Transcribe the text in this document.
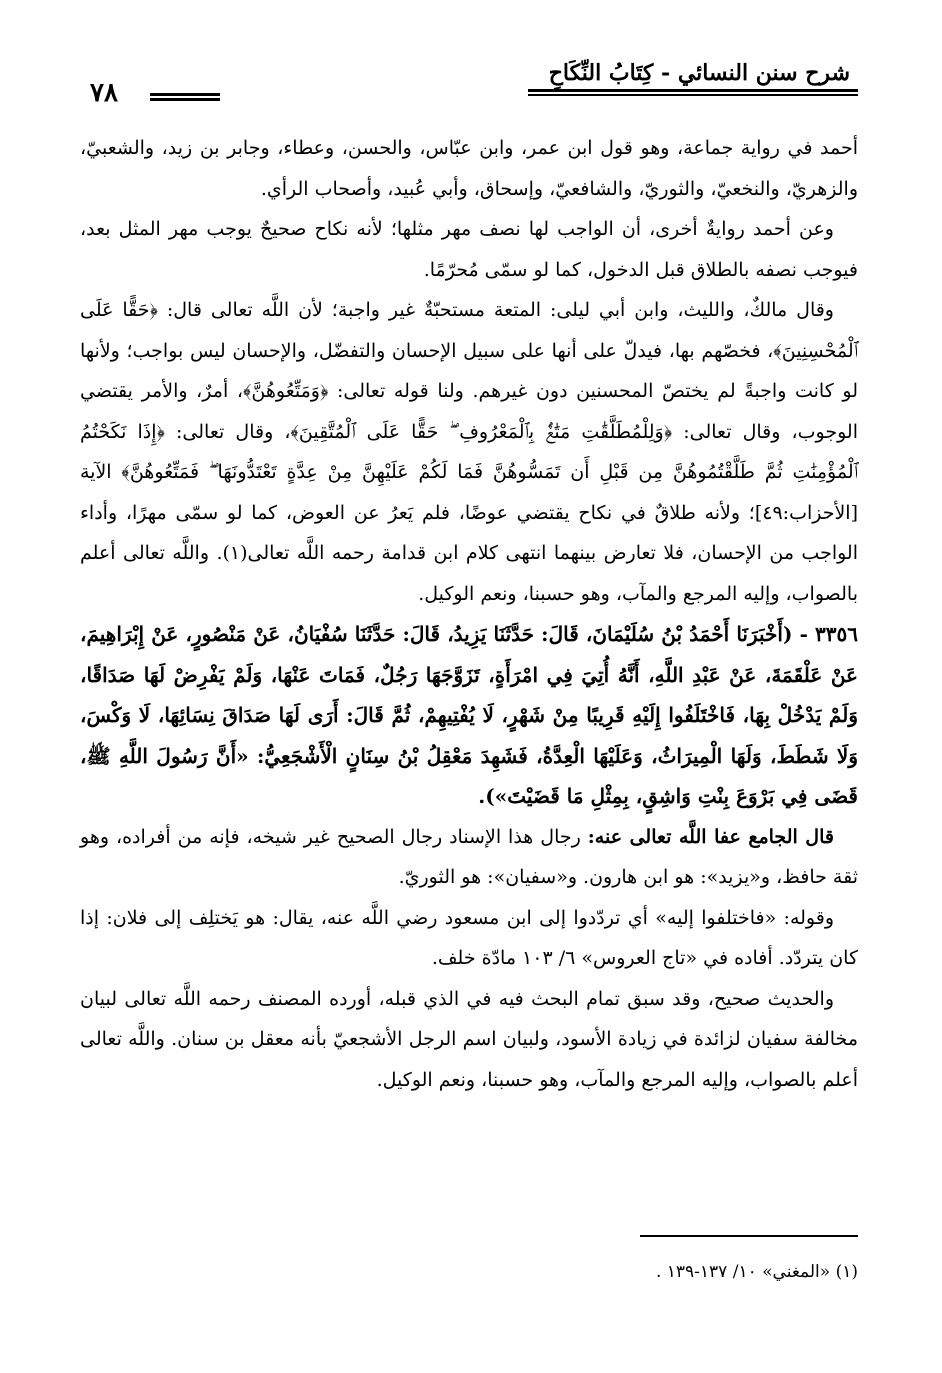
شرح سنن النسائي - كِتَابُ النِّكَاحِ
٧٨

أحمد في رواية جماعة، وهو قول ابن عمر، وابن عبّاس، والحسن، وعطاء، وجابر بن زيد، والشعبيّ، والزهريّ، والنخعيّ، والثوريّ، والشافعيّ، وإسحاق، وأبي عُبيد، وأصحاب الرأي.

وعن أحمد روايةٌ أخرى، أن الواجب لها نصف مهر مثلها؛ لأنه نكاح صحيحٌ يوجب مهر المثل بعد، فيوجب نصفه بالطلاق قبل الدخول، كما لو سمّى مُحرّمًا.

وقال مالكٌ، والليث، وابن أبي ليلى: المتعة مستحبّةٌ غير واجبة؛ لأن اللَّه تعالى قال: ﴿حَقًّا عَلَى ٱلْمُحْسِنِينَ﴾، فخصّهم بها، فيدلّ على أنها على سبيل الإحسان والتفضّل، والإحسان ليس بواجب؛ ولأنها لو كانت واجبةً لم يختصّ المحسنين دون غيرهم. ولنا قوله تعالى: ﴿وَمَتِّعُوهُنَّ﴾، أمرٌ، والأمر يقتضي الوجوب، وقال تعالى: ﴿وَلِلْمُطَلَّقَٰتِ مَتَٰعٌۢ بِٱلْمَعْرُوفِ ۖ حَقًّا عَلَى ٱلْمُتَّقِينَ﴾، وقال تعالى: ﴿إِذَا نَكَحْتُمُ ٱلْمُؤْمِنَٰتِ ثُمَّ طَلَّقْتُمُوهُنَّ مِن قَبْلِ أَن تَمَسُّوهُنَّ فَمَا لَكُمْ عَلَيْهِنَّ مِنْ عِدَّةٍ تَعْتَدُّونَهَا ۖ فَمَتِّعُوهُنَّ﴾ الآية [الأحزاب:٤٩]؛ ولأنه طلاقٌ في نكاح يقتضي عوضًا، فلم يَعرُ عن العوض، كما لو سمّى مهرًا، وأداء الواجب من الإحسان، فلا تعارض بينهما انتهى كلام ابن قدامة رحمه اللَّه تعالى(١). واللَّه تعالى أعلم بالصواب، وإليه المرجع والمآب، وهو حسبنا، ونعم الوكيل.

٣٣٥٦ - (أَخْبَرَنَا أَحْمَدُ بْنُ سُلَيْمَانَ، قَالَ: حَدَّثَنَا يَزِيدُ، قَالَ: حَدَّثَنَا سُفْيَانُ، عَنْ مَنْصُورٍ، عَنْ إِبْرَاهِيمَ، عَنْ عَلْقَمَةَ، عَنْ عَبْدِ اللَّهِ، أَنَّهُ أُتِيَ فِي امْرَأَةٍ، تَزَوَّجَهَا رَجُلٌ، فَمَاتَ عَنْهَا، وَلَمْ يَفْرِضْ لَهَا صَدَاقًا، وَلَمْ يَدْخُلْ بِهَا، فَاخْتَلَفُوا إِلَيْهِ قَرِيبًا مِنْ شَهْرٍ، لَا يُفْتِيهِمْ، ثُمَّ قَالَ: أَرَى لَهَا صَدَاقَ نِسَائِهَا، لَا وَكْسَ، وَلَا شَطَطَ، وَلَهَا الْمِيرَاثُ، وَعَلَيْهَا الْعِدَّةُ، فَشَهِدَ مَعْقِلُ بْنُ سِنَانٍ الْأَشْجَعِيُّ: «أَنَّ رَسُولَ اللَّهِ ﷺ، قَضَى فِي بَرْوَعَ بِنْتِ وَاشِقٍ، بِمِثْلِ مَا قَضَيْتَ»).

قال الجامع عفا اللَّه تعالى عنه: رجال هذا الإسناد رجال الصحيح غير شيخه، فإنه من أفراده، وهو ثقة حافظ، و«يزيد»: هو ابن هارون. و«سفيان»: هو الثوريّ.

وقوله: «فاختلفوا إليه» أي تردّدوا إلى ابن مسعود رضي اللَّه عنه، يقال: هو يَختلِف إلى فلان: إذا كان يتردّد. أفاده في «تاج العروس» ٦/ ١٠٣ مادّة خلف.

والحديث صحيح، وقد سبق تمام البحث فيه في الذي قبله، أورده المصنف رحمه اللَّه تعالى لبيان مخالفة سفيان لزائدة في زيادة الأسود، ولبيان اسم الرجل الأشجعيّ بأنه معقل بن سنان. واللَّه تعالى أعلم بالصواب، وإليه المرجع والمآب، وهو حسبنا، ونعم الوكيل.

(١) «المغني» ١٠/ ١٣٧-١٣٩ .
